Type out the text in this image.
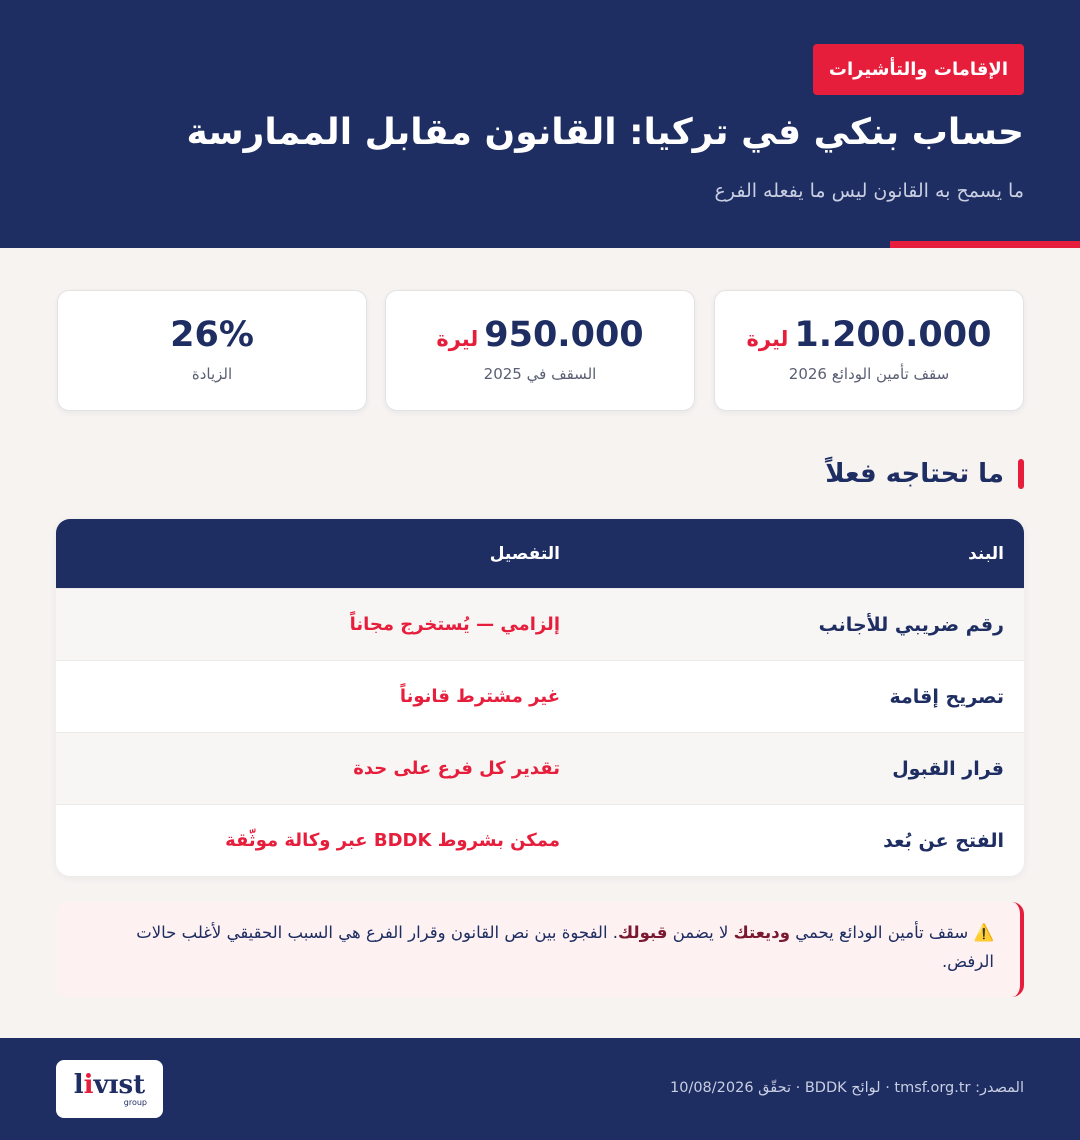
الإقامات والتأشيرات
حساب بنكي في تركيا: القانون مقابل الممارسة

ما يسمح به القانون ليس ما يفعله الفرع

1.200.000ليرة
سقف تأمين الودائع 2026
950.000ليرة
السقف في 2025
26%
الزيادة
ما تحتاجه فعلاً
البند
التفصيل
رقم ضريبي للأجانب
إلزامي — يُستخرج مجاناً
تصريح إقامة
غير مشترط قانوناً
قرار القبول
تقدير كل فرع على حدة
الفتح عن بُعد
ممكن بشروط BDDK عبر وكالة موثّقة
⚠️ سقف تأمين الودائع يحمي وديعتك لا يضمن قبولك. الفجوة بين نص القانون وقرار الفرع هي السبب الحقيقي لأغلب حالات الرفض.
المصدر: tmsf.org.tr · لوائح BDDK · تحقّق 10/08/2026
livɪst
group
